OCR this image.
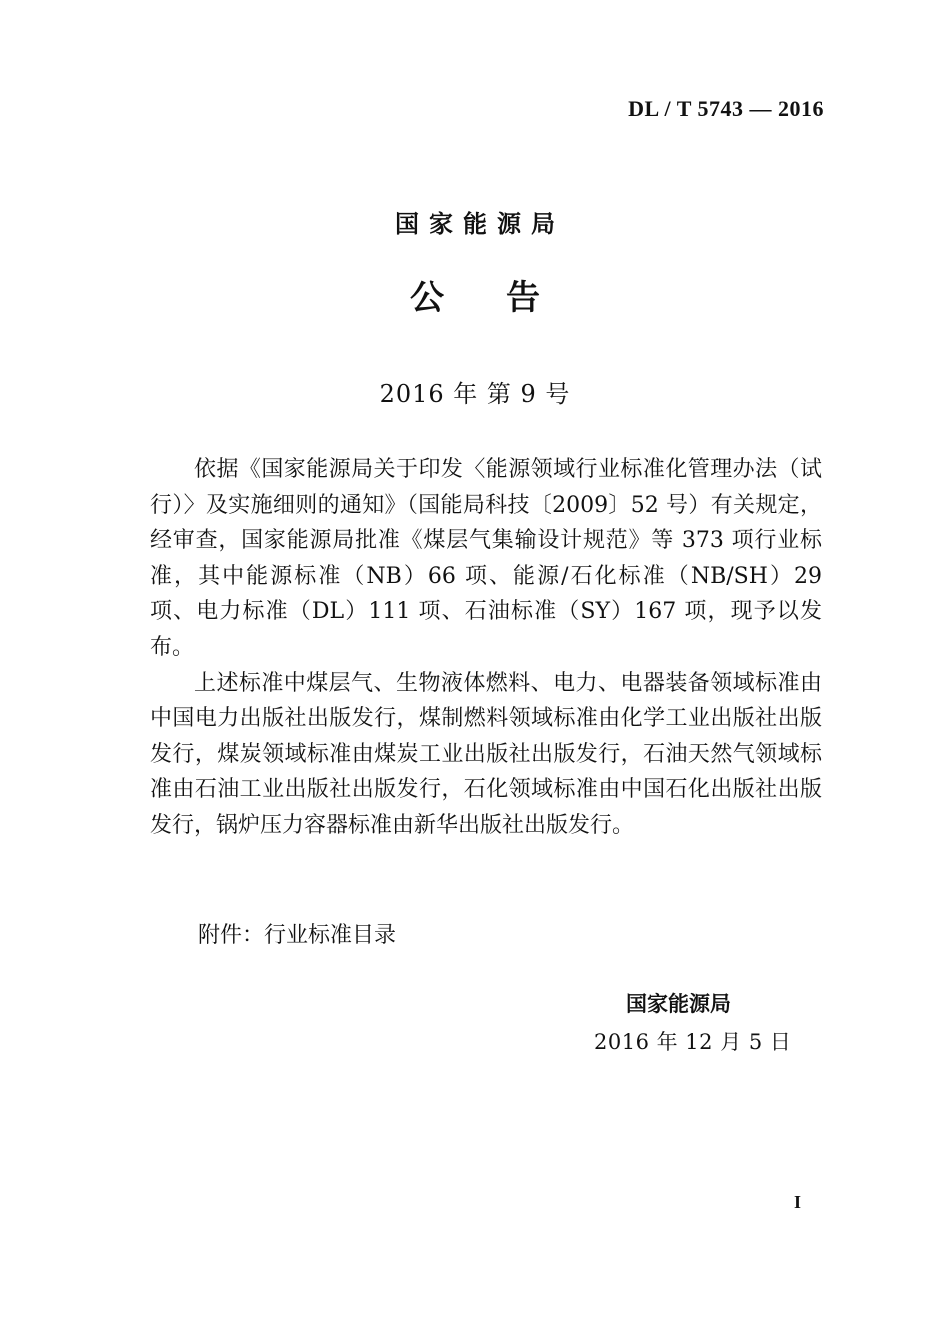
DL / T 5743 — 2016
国家能源局
公告
2016 年 第 9 号

依据《国家能源局关于印发〈能源领域行业标准化管理办法（试行）〉及实施细则的通知》（国能局科技〔2009〕52 号）有关规定，经审查，国家能源局批准《煤层气集输设计规范》等 373 项行业标准，其中能源标准（NB）66 项、能源/石化标准（NB/SH）29 项、电力标准（DL）111 项、石油标准（SY）167 项，现予以发布。

上述标准中煤层气、生物液体燃料、电力、电器装备领域标准由中国电力出版社出版发行，煤制燃料领域标准由化学工业出版社出版发行，煤炭领域标准由煤炭工业出版社出版发行，石油天然气领域标准由石油工业出版社出版发行，石化领域标准由中国石化出版社出版发行，锅炉压力容器标准由新华出版社出版发行。

附件：行业标准目录
国家能源局
2016 年 12 月 5 日
I
